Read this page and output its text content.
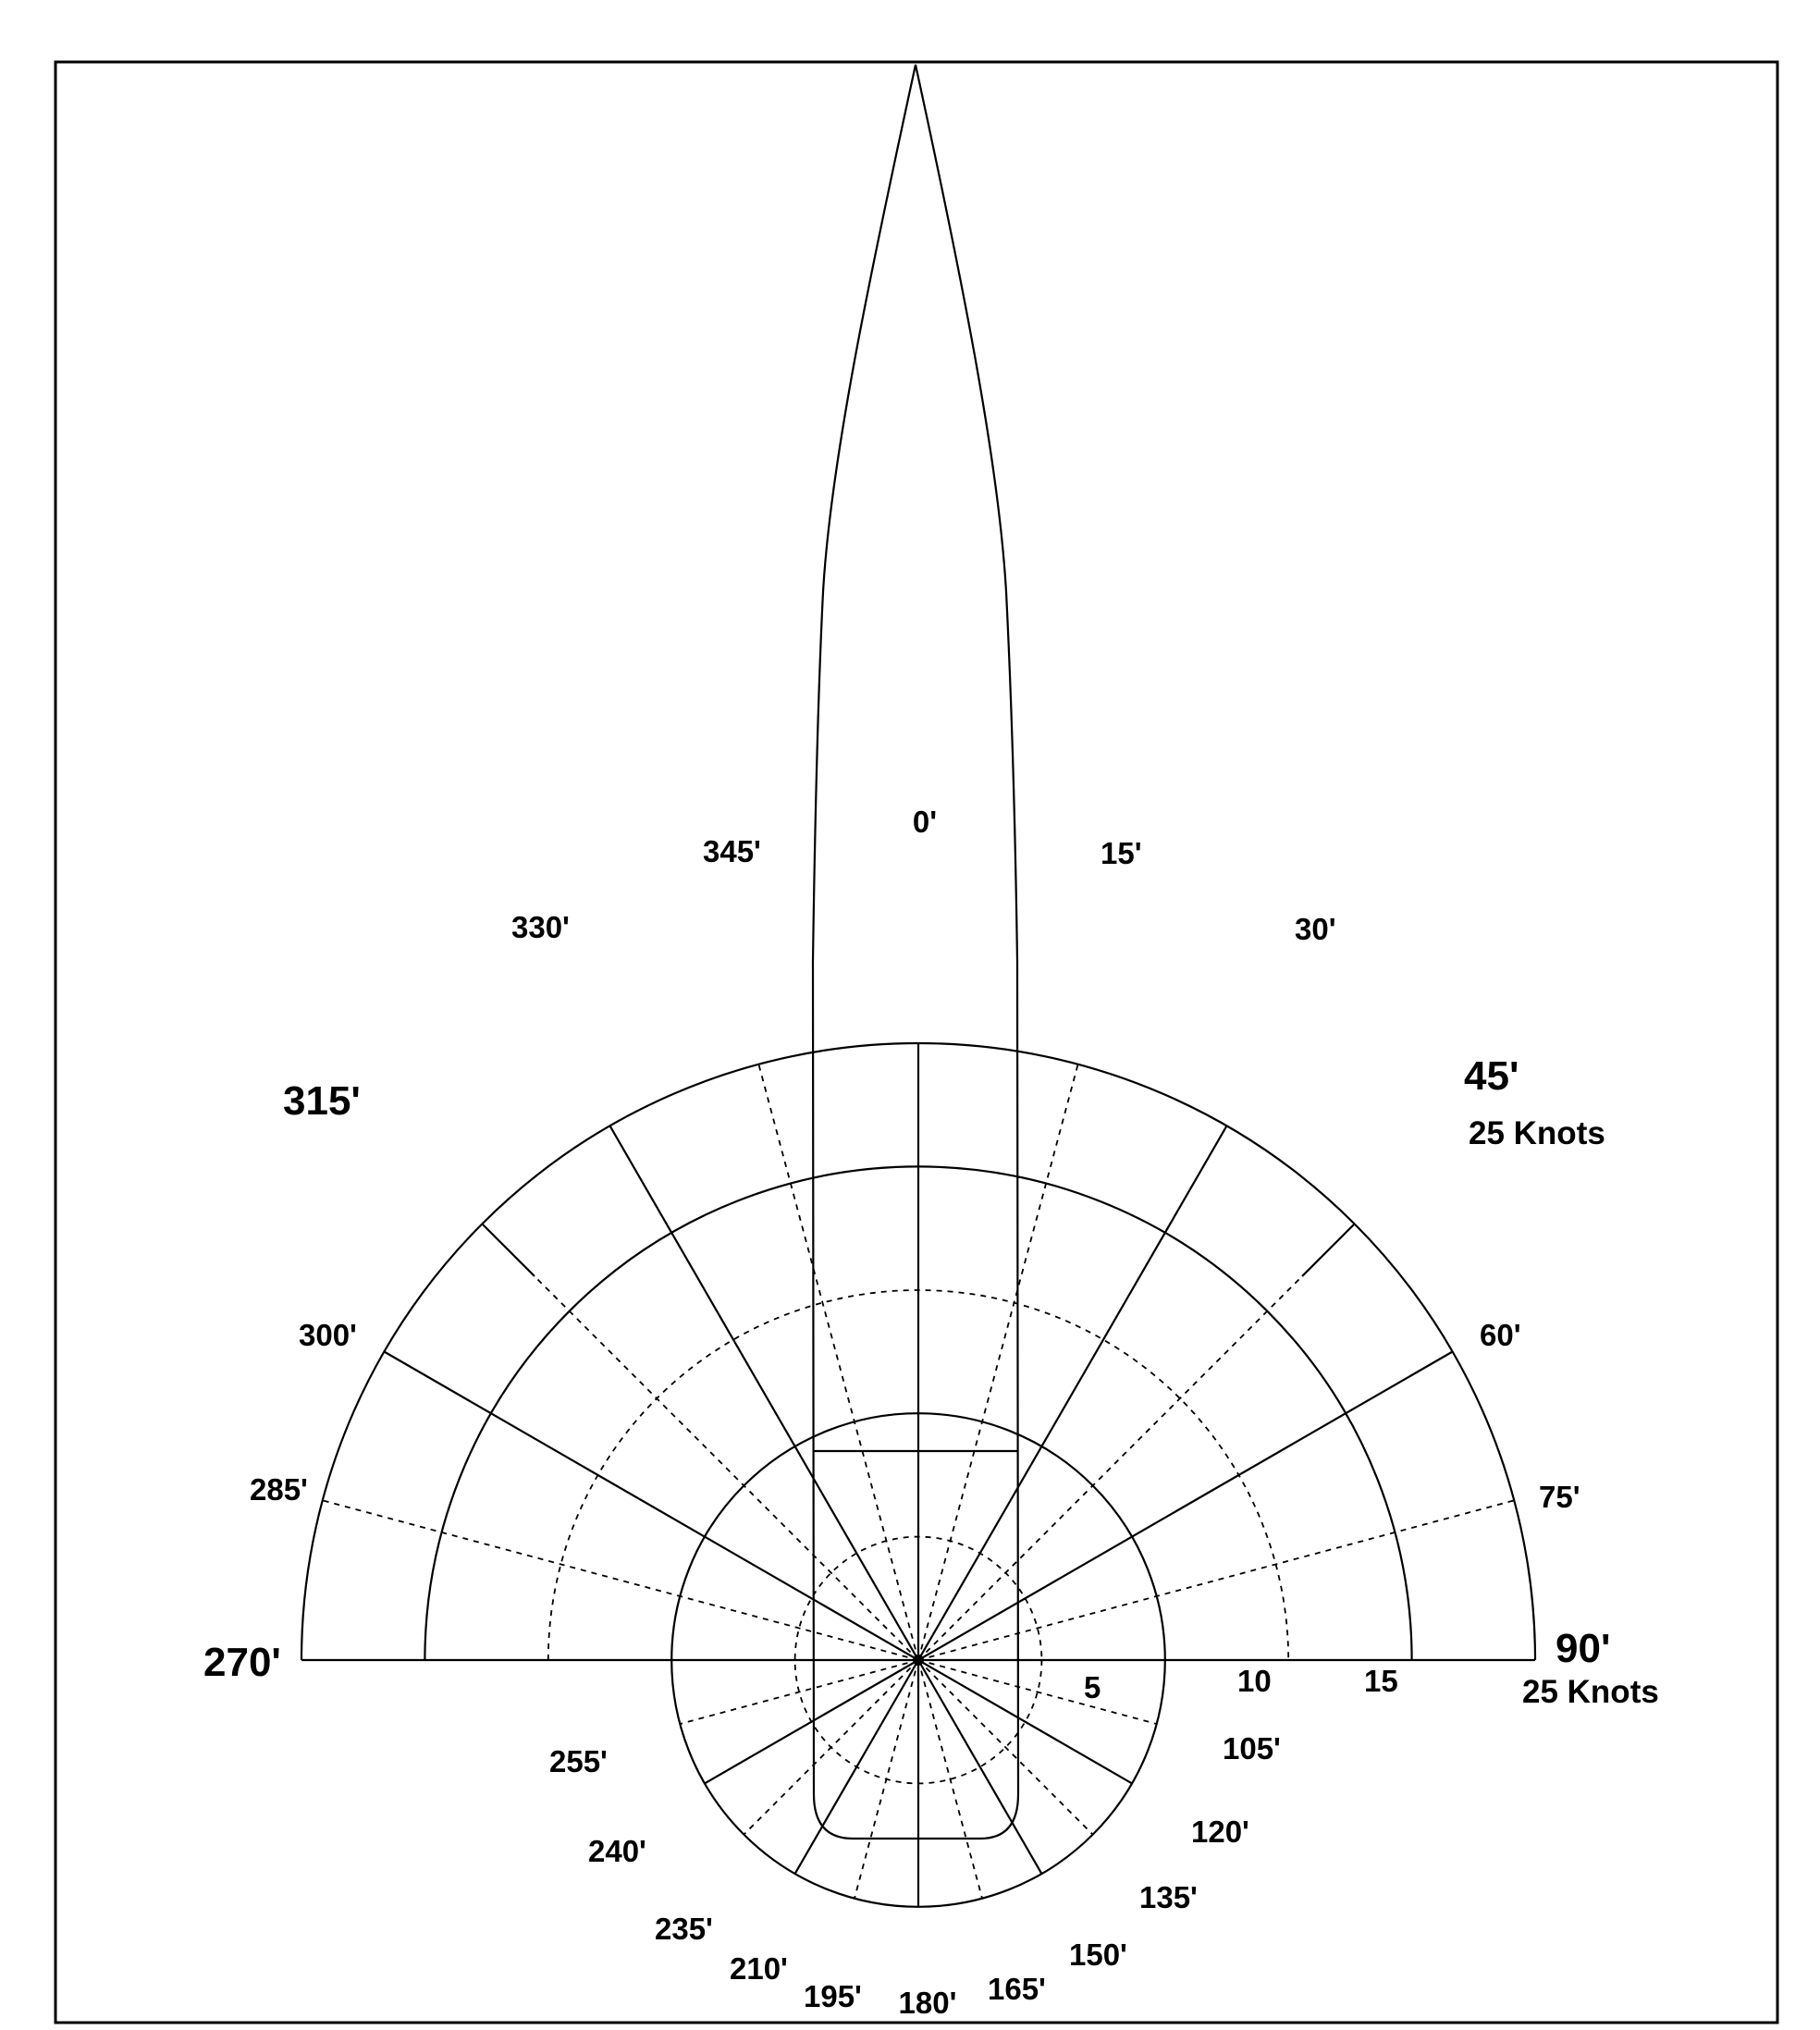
0'
15'
30'
45'
25 Knots
60'
75'
90'
25 Knots
105'
120'
135'
150'
165'
180'
195'
210'
235'
240'
255'
270'
285'
300'
315'
330'
345'
5	10	15
